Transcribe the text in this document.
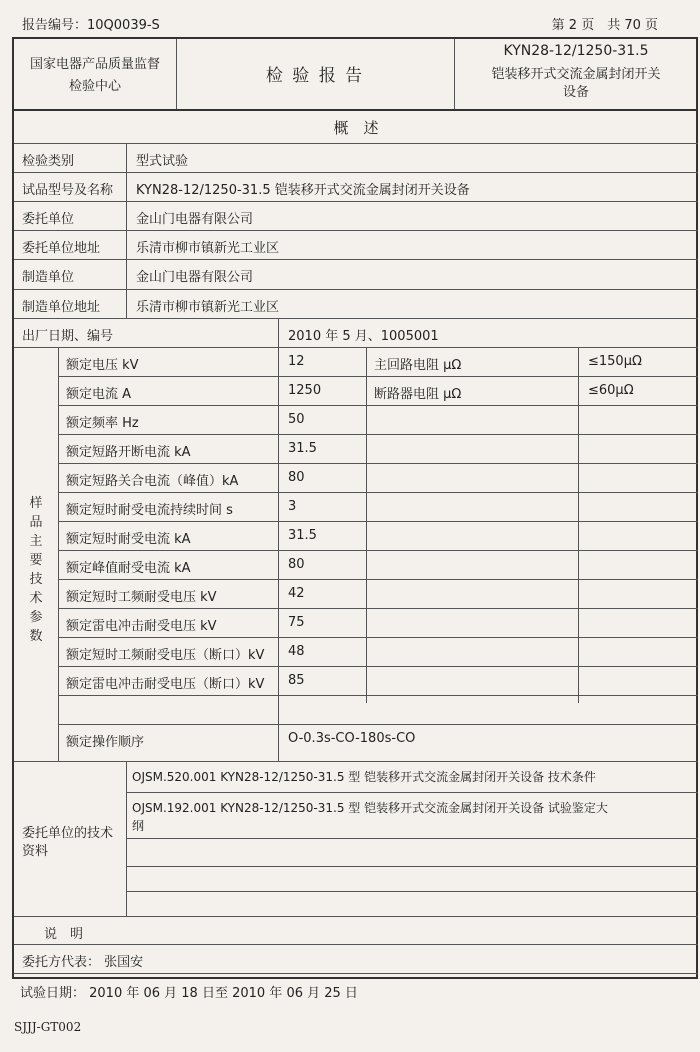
报告编号：10Q0039-S	第 2 页　共 70 页
国家电器产品质量监督
检验中心
检 验 报 告
KYN28-12/1250-31.5
铠装移开式交流金属封闭开关
设备
概　述
检验类别	型式试验
试品型号及名称 KYN28-12/1250-31.5 铠装移开式交流金属封闭开关设备
委托单位	金山门电器有限公司
委托单位地址	乐清市柳市镇新光工业区
制造单位	金山门电器有限公司
制造单位地址	乐清市柳市镇新光工业区
出厂日期、编号	2010 年 5 月、1005001
样品主要技术参数
委托单位的技术
资料
OJSM.520.001 KYN28-12/1250-31.5 型 铠装移开式交流金属封闭开关设备 技术条件
OJSM.192.001 KYN28-12/1250-31.5 型 铠装移开式交流金属封闭开关设备 试验鉴定大
纲
说　明
委托方代表： 张国安
额定电压 kV	12	主回路电阻 μΩ	≤150μΩ
额定电流 A	1250	断路器电阻 μΩ	≤60μΩ
额定频率 Hz	50
额定短路开断电流 kA	31.5
额定短路关合电流（峰值）kA	80
额定短时耐受电流持续时间 s	3
额定短时耐受电流 kA	31.5
额定峰值耐受电流 kA	80
额定短时工频耐受电压 kV	42
额定雷电冲击耐受电压 kV	75
额定短时工频耐受电压（断口）kV 48
额定雷电冲击耐受电压（断口）kV 85
额定操作顺序	O-0.3s-CO-180s-CO
试验日期： 2010 年 06 月 18 日至 2010 年 06 月 25 日
SJJJ-GT002
